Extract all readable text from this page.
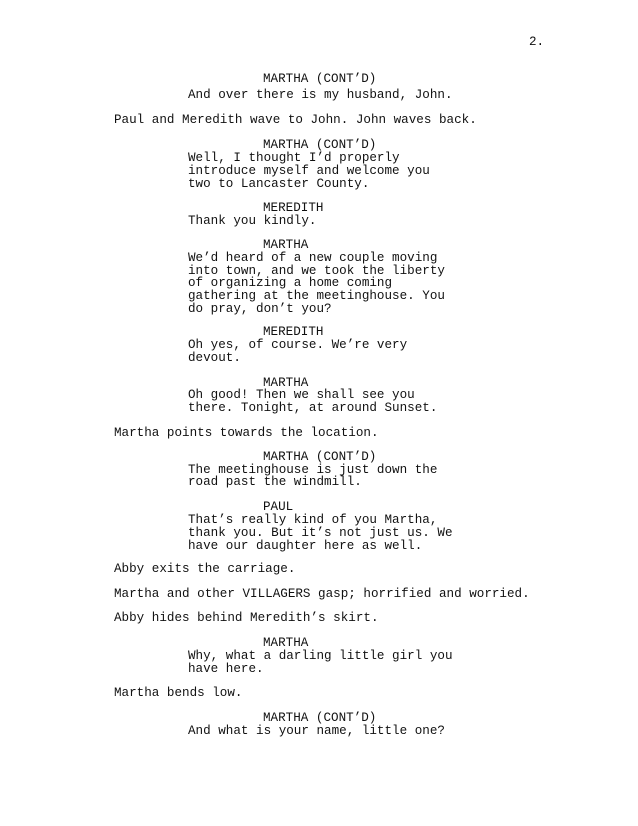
2.
MARTHA (CONT’D)
And over there is my husband, John.
Paul and Meredith wave to John. John waves back.
MARTHA (CONT’D)
Well, I thought I’d properly
introduce myself and welcome you
two to Lancaster County.
MEREDITH
Thank you kindly.
MARTHA
We’d heard of a new couple moving
into town, and we took the liberty
of organizing a home coming
gathering at the meetinghouse. You
do pray, don’t you?
MEREDITH
Oh yes, of course. We’re very
devout.
MARTHA
Oh good! Then we shall see you
there. Tonight, at around Sunset.
Martha points towards the location.
MARTHA (CONT’D)
The meetinghouse is just down the
road past the windmill.
PAUL
That’s really kind of you Martha,
thank you. But it’s not just us. We
have our daughter here as well.
Abby exits the carriage.
Martha and other VILLAGERS gasp; horrified and worried.
Abby hides behind Meredith’s skirt.
MARTHA
Why, what a darling little girl you
have here.
Martha bends low.
MARTHA (CONT’D)
And what is your name, little one?
